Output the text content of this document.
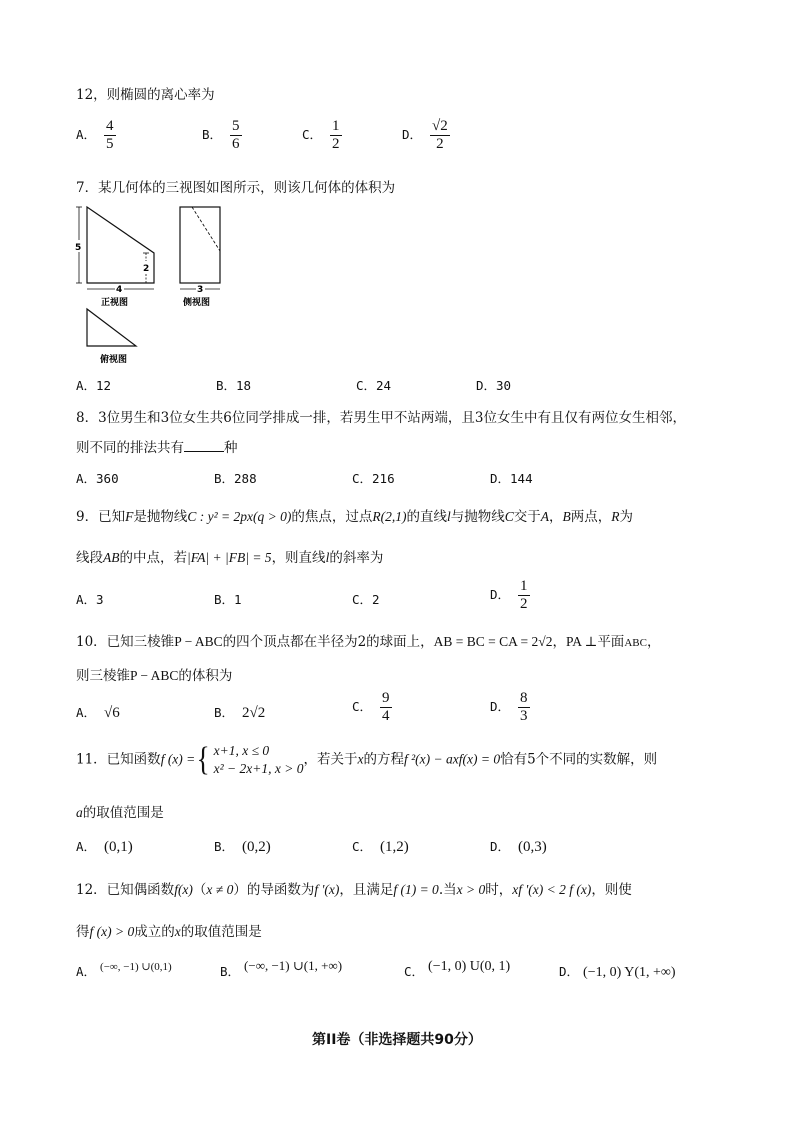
12，则椭圆的离心率为
A． $\frac{4}{5}$	B． $\frac{5}{6}$	C． $\frac{1}{2}$	D． $\frac{√2}{2}$
7．某几何体的三视图如图所示，则该几何体的体积为
5
2
4
正视图
3
侧视图
俯视图
A．12	B．18	C．24	D．30
8．3位男生和3位女生共6位同学排成一排，若男生甲不站两端，且3位女生中有且仅有两位女生相邻，
则不同的排法共有	种
A．360	B．288	C．216	D．144
9．已知F是抛物线C : y² = 2px(q > 0)的焦点，过点R(2,1)的直线l与抛物线C交于A，B两点，R为
线段AB的中点，若|FA| + |FB| = 5，则直线l的斜率为
A．3	B．1	C．2	D． $\frac{1}{2}$
10．已知三棱锥P − ABC的四个顶点都在半径为2的球面上，AB = BC = CA = 2√2，PA ⊥平面ABC，
则三棱锥P − ABC的体积为
A． √6	B． 2√2	C． $\frac{9}{4}$	D． $\frac{8}{3}$
11．已知函数f (x) = { x+1, x ≤ 0
x² − 2x+1, x > 0
，若关于x的方程f ²(x) − axf(x) = 0恰有5个不同的实数解，则
a的取值范围是
A． (0,1)	B． (0,2)	C． (1,2)	D． (0,3)
12．已知偶函数f(x)（x ≠ 0）的导函数为f '(x)，且满足f (1) = 0.当x > 0时，xf '(x) < 2 f (x)，则使
得f (x) > 0成立的x的取值范围是
A． (−∞, −1) ∪(0,1)	B． (−∞, −1) ∪(1, +∞)	C． (−1, 0) U(0, 1)	D． (−1, 0) Y(1, +∞)
第II卷（非选择题共90分）
